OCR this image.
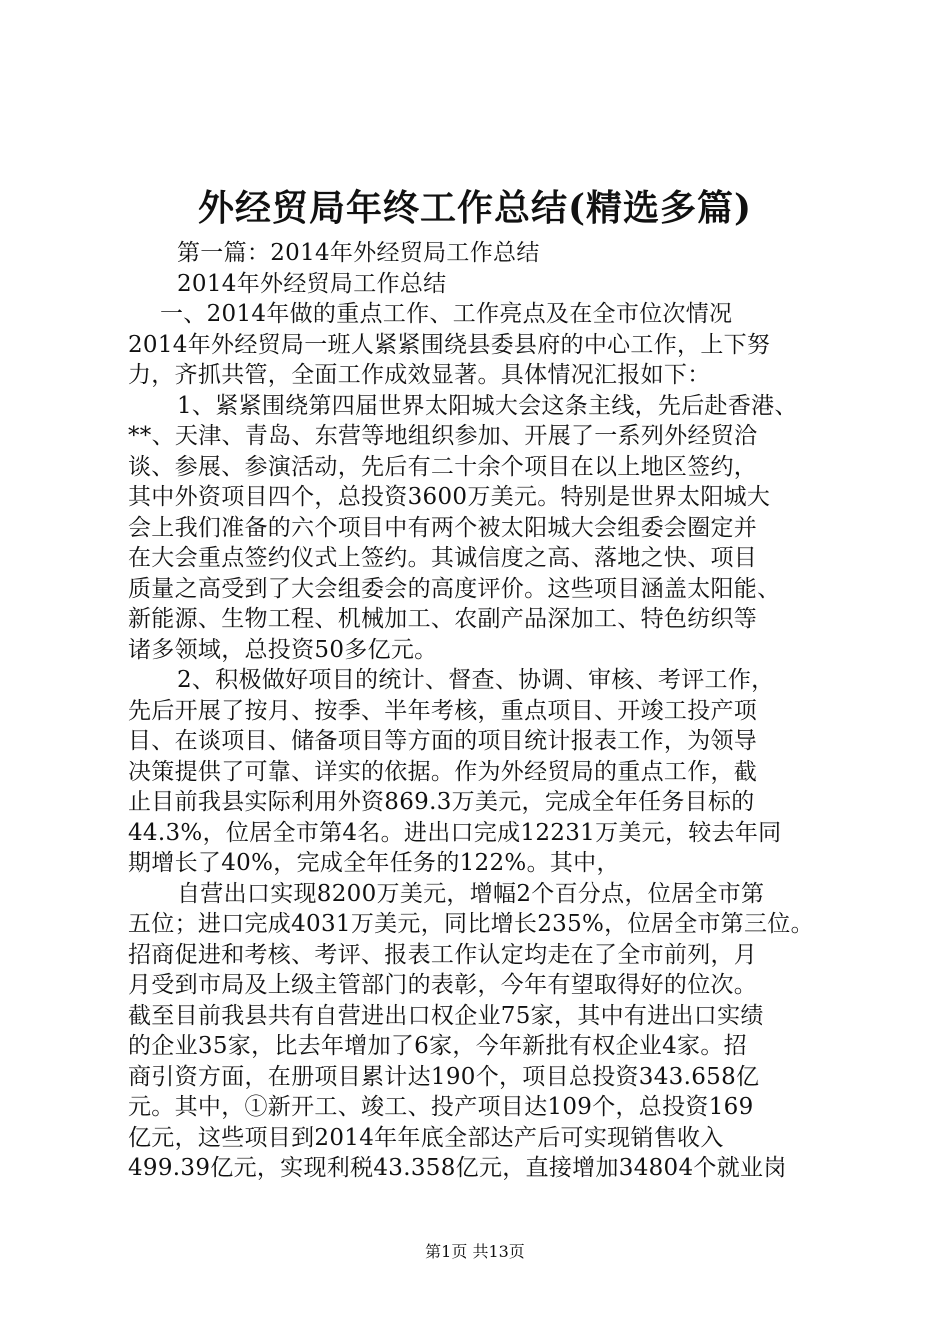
外经贸局年终工作总结(精选多篇)
第一篇：2014年外经贸局工作总结
2014年外经贸局工作总结
一、2014年做的重点工作、工作亮点及在全市位次情况
2014年外经贸局一班人紧紧围绕县委县府的中心工作，上下努
力，齐抓共管，全面工作成效显著。具体情况汇报如下：
1、紧紧围绕第四届世界太阳城大会这条主线，先后赴香港、
**、天津、青岛、东营等地组织参加、开展了一系列外经贸洽
谈、参展、参演活动，先后有二十余个项目在以上地区签约，
其中外资项目四个，总投资3600万美元。特别是世界太阳城大
会上我们准备的六个项目中有两个被太阳城大会组委会圈定并
在大会重点签约仪式上签约。其诚信度之高、落地之快、项目
质量之高受到了大会组委会的高度评价。这些项目涵盖太阳能、
新能源、生物工程、机械加工、农副产品深加工、特色纺织等
诸多领域，总投资50多亿元。
2、积极做好项目的统计、督查、协调、审核、考评工作，
先后开展了按月、按季、半年考核，重点项目、开竣工投产项
目、在谈项目、储备项目等方面的项目统计报表工作，为领导
决策提供了可靠、详实的依据。作为外经贸局的重点工作，截
止目前我县实际利用外资869.3万美元，完成全年任务目标的
44.3%，位居全市第4名。进出口完成12231万美元，较去年同
期增长了40%，完成全年任务的122%。其中，
自营出口实现8200万美元，增幅2个百分点，位居全市第
五位；进口完成4031万美元，同比增长235%，位居全市第三位。
招商促进和考核、考评、报表工作认定均走在了全市前列，月
月受到市局及上级主管部门的表彰，今年有望取得好的位次。
截至目前我县共有自营进出口权企业75家，其中有进出口实绩
的企业35家，比去年增加了6家，今年新批有权企业4家。招
商引资方面，在册项目累计达190个，项目总投资343.658亿
元。其中，①新开工、竣工、投产项目达109个，总投资169
亿元，这些项目到2014年年底全部达产后可实现销售收入
499.39亿元，实现利税43.358亿元，直接增加34804个就业岗
第1页 共13页
